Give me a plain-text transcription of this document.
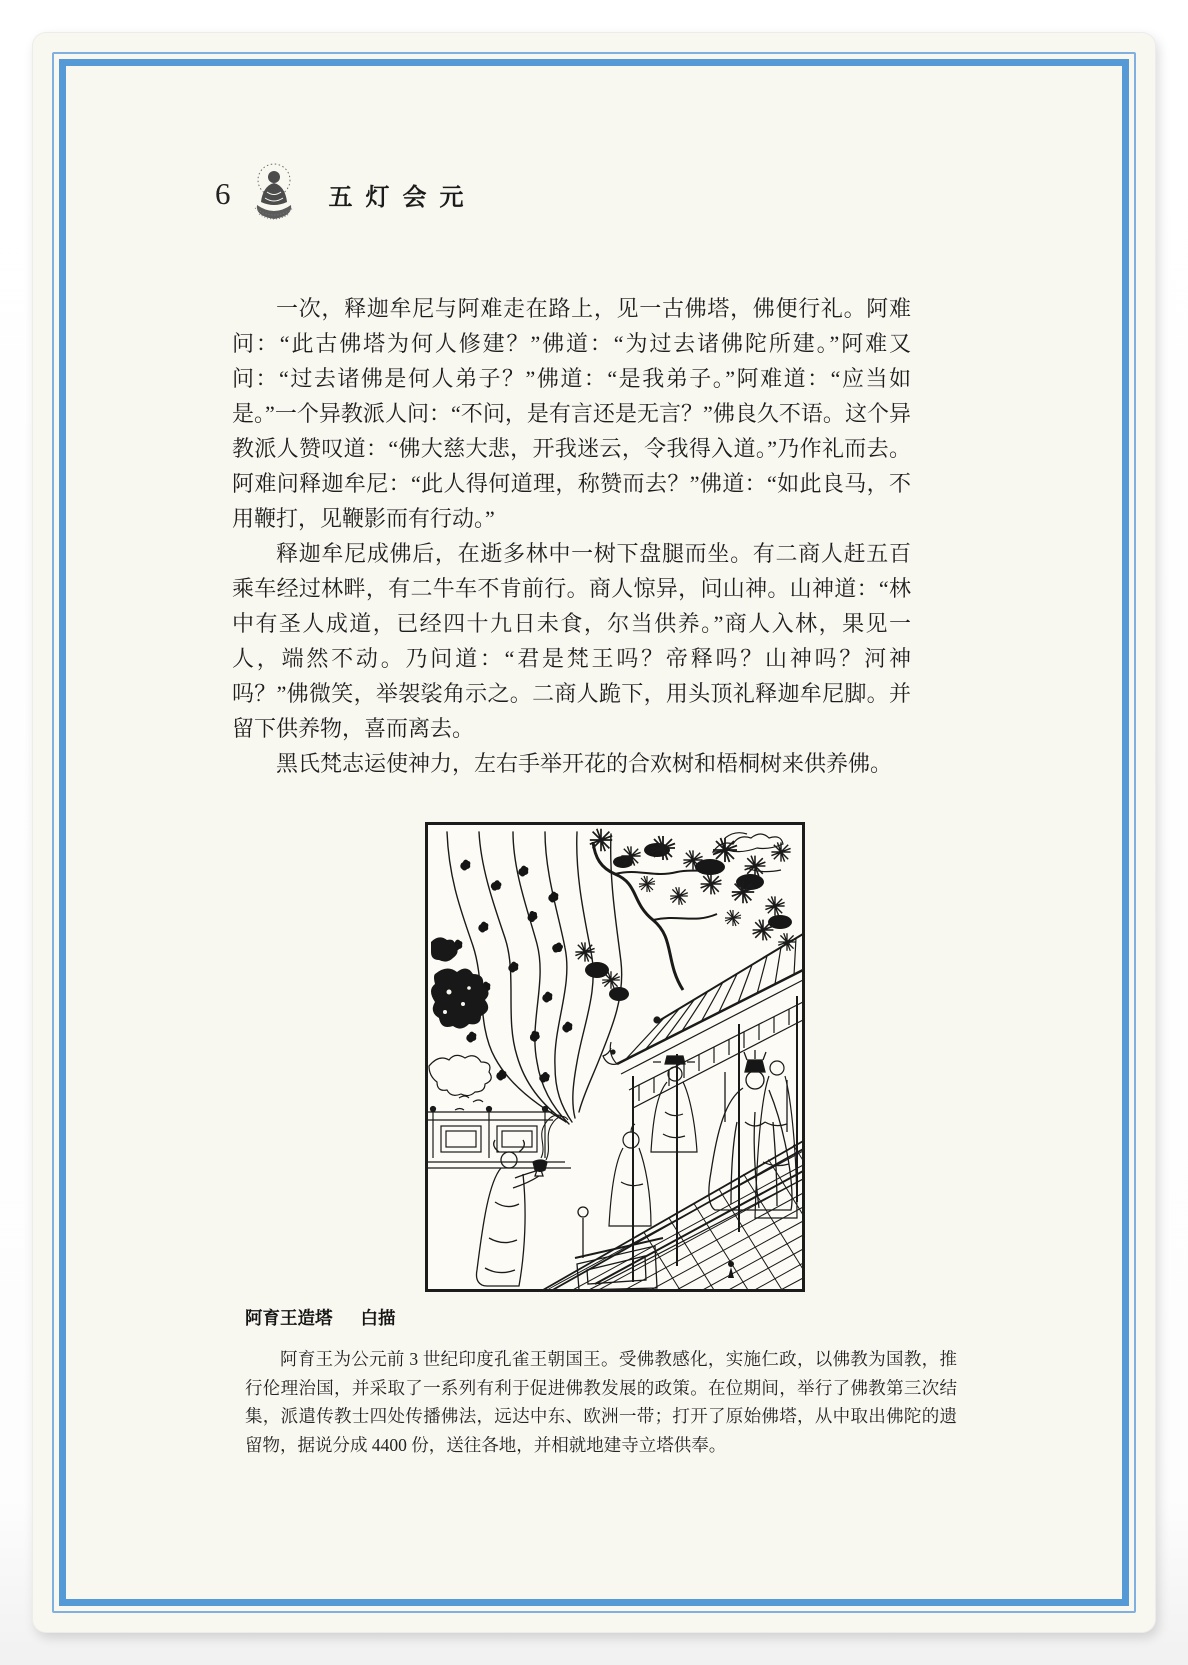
6	五灯会元

一次，释迦牟尼与阿难走在路上，见一古佛塔，佛便行礼。阿难问：“此古佛塔为何人修建？”佛道：“为过去诸佛陀所建。”阿难又问：“过去诸佛是何人弟子？”佛道：“是我弟子。”阿难道：“应当如是。”一个异教派人问：“不问，是有言还是无言？”佛良久不语。这个异教派人赞叹道：“佛大慈大悲，开我迷云，令我得入道。”乃作礼而去。阿难问释迦牟尼：“此人得何道理，称赞而去？”佛道：“如此良马，不用鞭打，见鞭影而有行动。”

释迦牟尼成佛后，在逝多林中一树下盘腿而坐。有二商人赶五百乘车经过林畔，有二牛车不肯前行。商人惊异，问山神。山神道：“林中有圣人成道，已经四十九日未食，尔当供养。”商人入林，果见一人，端然不动。乃问道：“君是梵王吗？帝释吗？山神吗？河神吗？”佛微笑，举袈裟角示之。二商人跪下，用头顶礼释迦牟尼脚。并留下供养物，喜而离去。

黑氏梵志运使神力，左右手举开花的合欢树和梧桐树来供养佛。

阿育王造塔 白描

阿育王为公元前 3 世纪印度孔雀王朝国王。受佛教感化，实施仁政，以佛教为国教，推行伦理治国，并采取了一系列有利于促进佛教发展的政策。在位期间，举行了佛教第三次结集，派遣传教士四处传播佛法，远达中东、欧洲一带；打开了原始佛塔，从中取出佛陀的遗留物，据说分成 4400 份，送往各地，并相就地建寺立塔供奉。
